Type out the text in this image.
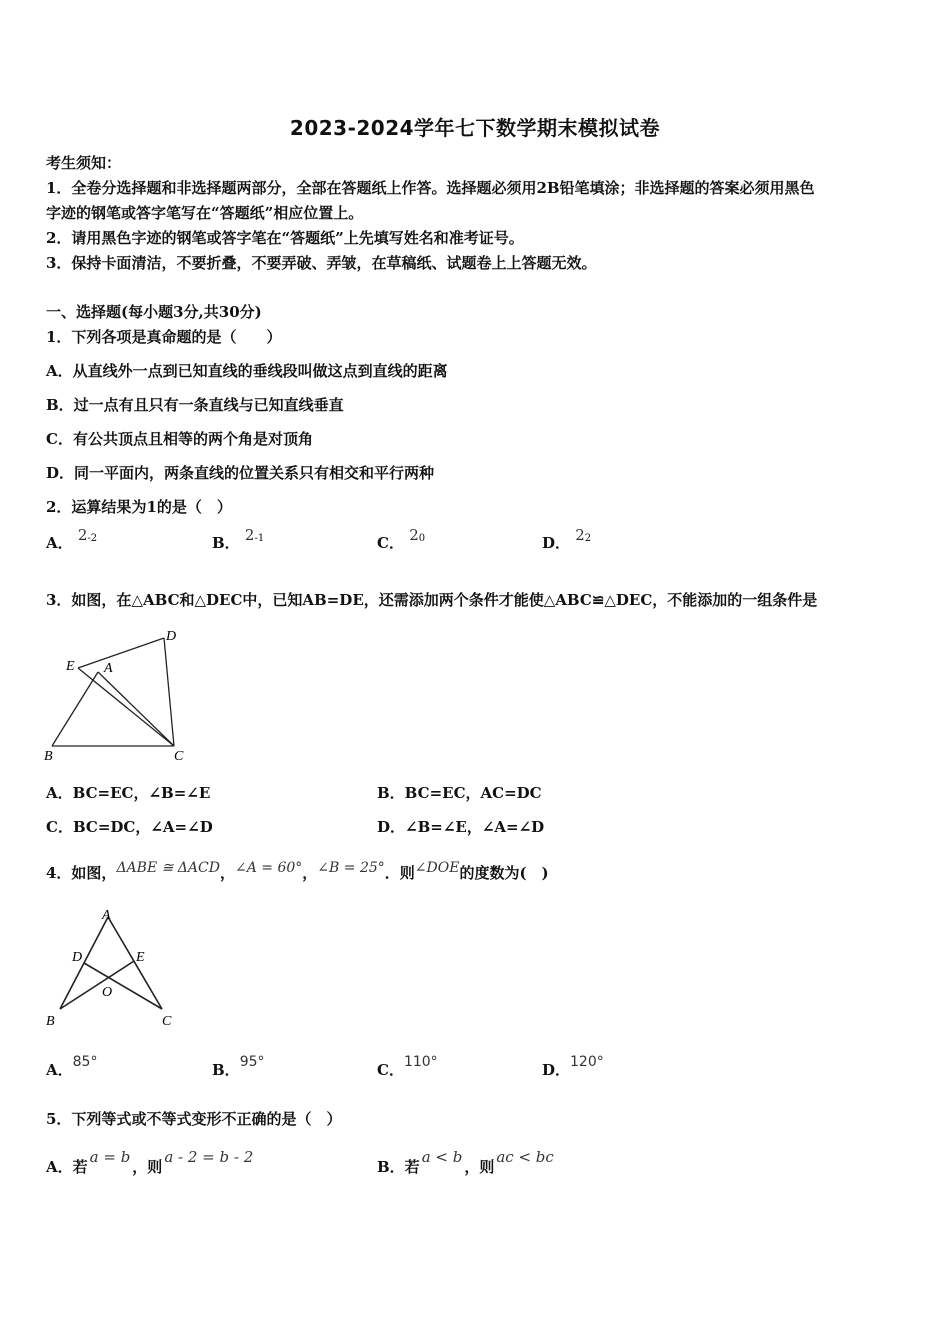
2023-2024学年七下数学期末模拟试卷
考生须知：
1．全卷分选择题和非选择题两部分，全部在答题纸上作答。选择题必须用2B铅笔填涂；非选择题的答案必须用黑色
字迹的钢笔或答字笔写在“答题纸”相应位置上。
2．请用黑色字迹的钢笔或答字笔在“答题纸”上先填写姓名和准考证号。
3．保持卡面清洁，不要折叠，不要弄破、弄皱，在草稿纸、试题卷上上答题无效。
一、选择题(每小题3分,共30分)
1．下列各项是真命题的是（　　）
A．从直线外一点到已知直线的垂线段叫做这点到直线的距离
B．过一点有且只有一条直线与已知直线垂直
C．有公共顶点且相等的两个角是对顶角
D．同一平面内，两条直线的位置关系只有相交和平行两种
2．运算结果为1的是（　）
A． $2^{-2}$	B． $2^{-1}$	C． $2^0$	D． $2^2$
3．如图，在△ABC和△DEC中，已知AB=DE，还需添加两个条件才能使△ABC≌△DEC，不能添加的一组条件是
E A
D
B	C
A．BC=EC，∠B=∠E	B．BC=EC，AC=DC
C．BC=DC，∠A=∠D	D．∠B=∠E，∠A=∠D
4．如图，ΔABE ≅ ΔACD，∠A = 60°，∠B = 25°．则∠DOE的度数为(　)
A
D	E
O
B	C
A．85°	B．95°	C．110°	D．120°
5．下列等式或不等式变形不正确的是（　）
A．若a = b，则a - 2 = b - 2
B．若a < b，则ac < bc
